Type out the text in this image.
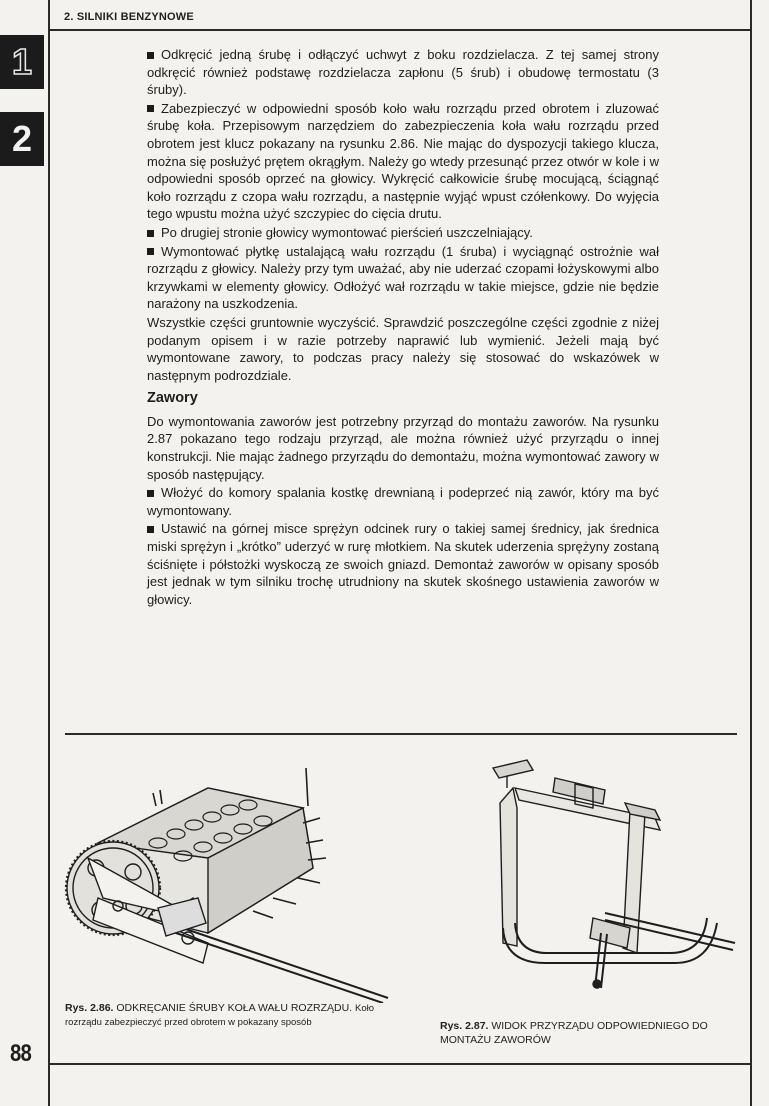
2. SILNIKI BENZYNOWE
1
2

Odkręcić jedną śrubę i odłączyć uchwyt z boku rozdzielacza. Z tej samej strony odkręcić również podstawę rozdzielacza zapłonu (5 śrub) i obudowę termostatu (3 śruby).

Zabezpieczyć w odpowiedni sposób koło wału rozrządu przed obrotem i zluzować śrubę koła. Przepisowym narzędziem do zabezpieczenia koła wału rozrządu przed obrotem jest klucz pokazany na rysunku 2.86. Nie mając do dyspozycji takiego klucza, można się posłużyć prętem okrągłym. Należy go wtedy przesunąć przez otwór w kole i w odpowiedni sposób oprzeć na głowicy. Wykręcić całkowicie śrubę mocującą, ściągnąć koło rozrządu z czopa wału rozrządu, a następnie wyjąć wpust czółenkowy. Do wyjęcia tego wpustu można użyć szczypiec do cięcia drutu.

Po drugiej stronie głowicy wymontować pierścień uszczelniający.

Wymontować płytkę ustalającą wału rozrządu (1 śruba) i wyciągnąć ostrożnie wał rozrządu z głowicy. Należy przy tym uważać, aby nie uderzać czopami łożyskowymi albo krzywkami w elementy głowicy. Odłożyć wał rozrządu w takie miejsce, gdzie nie będzie narażony na uszkodzenia.

Wszystkie części gruntownie wyczyścić. Sprawdzić poszczególne części zgodnie z niżej podanym opisem i w razie potrzeby naprawić lub wymienić. Jeżeli mają być wymontowane zawory, to podczas pracy należy się stosować do wskazówek w następnym podrozdziale.

Zawory

Do wymontowania zaworów jest potrzebny przyrząd do montażu zaworów. Na rysunku 2.87 pokazano tego rodzaju przyrząd, ale można również użyć przyrządu o innej konstrukcji. Nie mając żadnego przyrządu do demontażu, można wymontować zawory w sposób następujący.

Włożyć do komory spalania kostkę drewnianą i podeprzeć nią zawór, który ma być wymontowany.

Ustawić na górnej misce sprężyn odcinek rury o takiej samej średnicy, jak średnica miski sprężyn i „krótko” uderzyć w rurę młotkiem. Na skutek uderzenia sprężyny zostaną ściśnięte i półstożki wyskoczą ze swoich gniazd. Demontaż zaworów w opisany sposób jest jednak w tym silniku trochę utrudniony na skutek skośnego ustawienia zaworów w głowicy.

Rys. 2.86. ODKRĘCANIE ŚRUBY KOŁA WAŁU ROZRZĄDU. Koło rozrządu zabezpieczyć przed obrotem w pokazany sposób	Rys. 2.87. WIDOK PRZYRZĄDU ODPOWIEDNIEGO DO MONTAŻU ZAWORÓW
88
